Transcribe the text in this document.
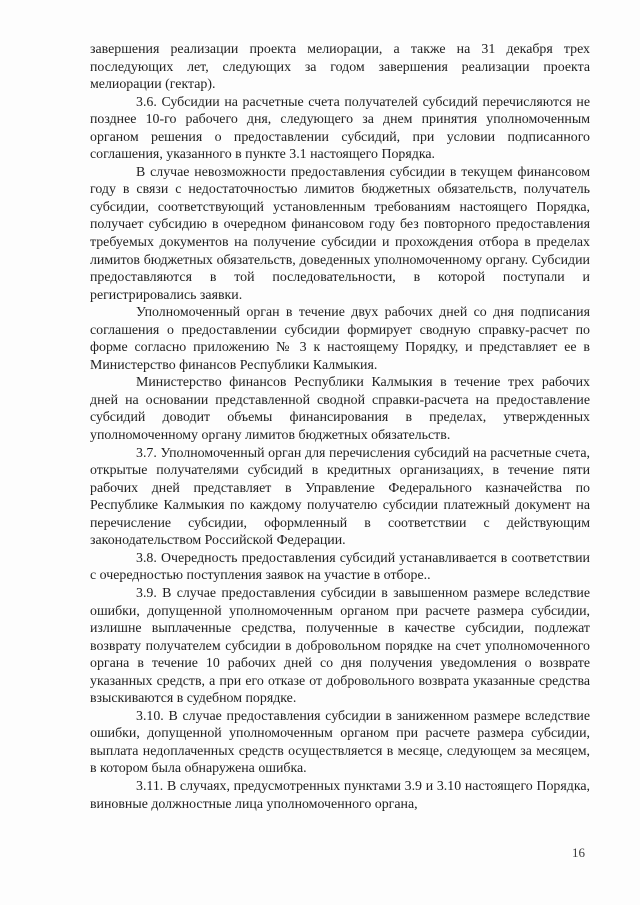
завершения реализации проекта мелиорации, а также на 31 декабря трех последующих лет, следующих за годом завершения реализации проекта мелиорации (гектар).

3.6. Субсидии на расчетные счета получателей субсидий перечисляются не позднее 10-го рабочего дня, следующего за днем принятия уполномоченным органом решения о предоставлении субсидий, при условии подписанного соглашения, указанного в пункте 3.1 настоящего Порядка.

В случае невозможности предоставления субсидии в текущем финансовом году в связи с недостаточностью лимитов бюджетных обязательств, получатель субсидии, соответствующий установленным требованиям настоящего Порядка, получает субсидию в очередном финансовом году без повторного предоставления требуемых документов на получение субсидии и прохождения отбора в пределах лимитов бюджетных обязательств, доведенных уполномоченному органу. Субсидии предоставляются в той последовательности, в которой поступали и регистрировались заявки.

Уполномоченный орган в течение двух рабочих дней со дня подписания соглашения о предоставлении субсидии формирует сводную справку-расчет по форме согласно приложению № 3 к настоящему Порядку, и представляет ее в Министерство финансов Республики Калмыкия.

Министерство финансов Республики Калмыкия в течение трех рабочих дней на основании представленной сводной справки-расчета на предоставление субсидий доводит объемы финансирования в пределах, утвержденных уполномоченному органу лимитов бюджетных обязательств.

3.7. Уполномоченный орган для перечисления субсидий на расчетные счета, открытые получателями субсидий в кредитных организациях, в течение пяти рабочих дней представляет в Управление Федерального казначейства по Республике Калмыкия по каждому получателю субсидии платежный документ на перечисление субсидии, оформленный в соответствии с действующим законодательством Российской Федерации.

3.8. Очередность предоставления субсидий устанавливается в соответствии с очередностью поступления заявок на участие в отборе..

3.9. В случае предоставления субсидии в завышенном размере вследствие ошибки, допущенной уполномоченным органом при расчете размера субсидии, излишне выплаченные средства, полученные в качестве субсидии, подлежат возврату получателем субсидии в добровольном порядке на счет уполномоченного органа в течение 10 рабочих дней со дня получения уведомления о возврате указанных средств, а при его отказе от добровольного возврата указанные средства взыскиваются в судебном порядке.

3.10. В случае предоставления субсидии в заниженном размере вследствие ошибки, допущенной уполномоченным органом при расчете размера субсидии, выплата недоплаченных средств осуществляется в месяце, следующем за месяцем, в котором была обнаружена ошибка.

3.11. В случаях, предусмотренных пунктами 3.9 и 3.10 настоящего Порядка, виновные должностные лица уполномоченного органа,

16
